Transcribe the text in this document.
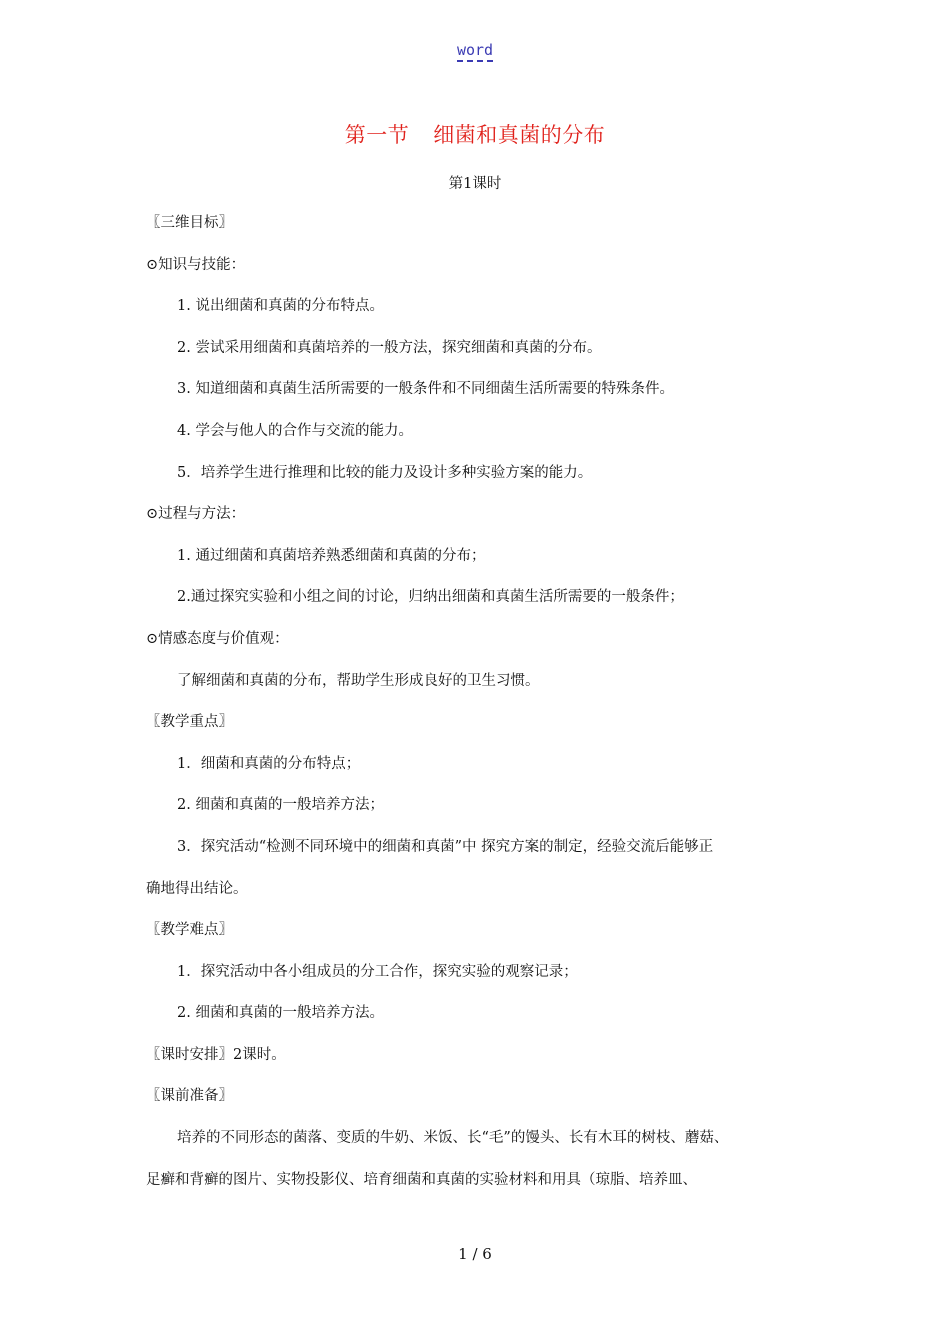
word
第一节 细菌和真菌的分布
第1课时
〖三维目标〗
⊙知识与技能：
1. 说出细菌和真菌的分布特点。
2. 尝试采用细菌和真菌培养的一般方法，探究细菌和真菌的分布。
3. 知道细菌和真菌生活所需要的一般条件和不同细菌生活所需要的特殊条件。
4. 学会与他人的合作与交流的能力。
5．培养学生进行推理和比较的能力及设计多种实验方案的能力。
⊙过程与方法：
1. 通过细菌和真菌培养熟悉细菌和真菌的分布；
2.通过探究实验和小组之间的讨论，归纳出细菌和真菌生活所需要的一般条件；
⊙情感态度与价值观：
了解细菌和真菌的分布，帮助学生形成良好的卫生习惯。
〖教学重点〗
1．细菌和真菌的分布特点；
2. 细菌和真菌的一般培养方法；
3．探究活动“检测不同环境中的细菌和真菌”中 探究方案的制定，经验交流后能够正
确地得出结论。
〖教学难点〗
1．探究活动中各小组成员的分工合作，探究实验的观察记录；
2. 细菌和真菌的一般培养方法。
〖课时安排〗2课时。
〖课前准备〗
培养的不同形态的菌落、变质的牛奶、米饭、长“毛”的馒头、长有木耳的树枝、蘑菇、
足癣和背癣的图片、实物投影仪、培育细菌和真菌的实验材料和用具（琼脂、培养皿、
1 / 6
